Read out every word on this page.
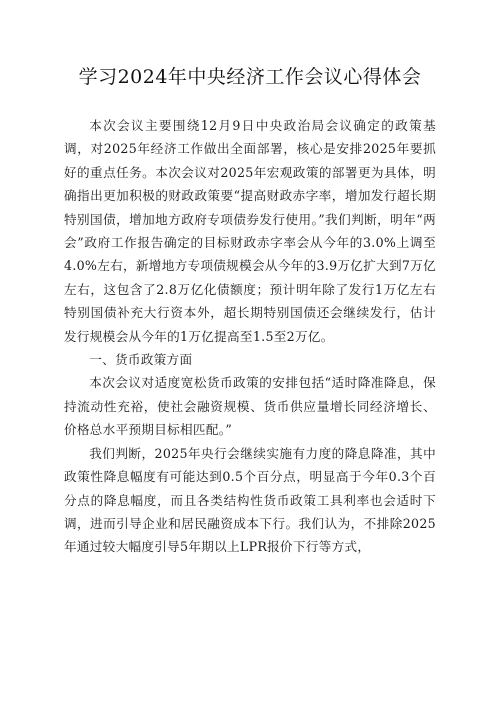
学习2024年中央经济工作会议心得体会

本次会议主要围绕12月9日中央政治局会议确定的政策基调，对2025年经济工作做出全面部署，核心是安排2025年要抓好的重点任务。本次会议对2025年宏观政策的部署更为具体，明确指出更加积极的财政政策要“提高财政赤字率，增加发行超长期特别国债，增加地方政府专项债券发行使用。”我们判断，明年“两会”政府工作报告确定的目标财政赤字率会从今年的3.0%上调至4.0%左右，新增地方专项债规模会从今年的3.9万亿扩大到7万亿左右，这包含了2.8万亿化债额度；预计明年除了发行1万亿左右特别国债补充大行资本外，超长期特别国债还会继续发行，估计发行规模会从今年的1万亿提高至1.5至2万亿。

一、货币政策方面

本次会议对适度宽松货币政策的安排包括“适时降准降息，保持流动性充裕，使社会融资规模、货币供应量增长同经济增长、价格总水平预期目标相匹配。”

我们判断，2025年央行会继续实施有力度的降息降准，其中政策性降息幅度有可能达到0.5个百分点，明显高于今年0.3个百分点的降息幅度，而且各类结构性货币政策工具利率也会适时下调，进而引导企业和居民融资成本下行。我们认为，不排除2025年通过较大幅度引导5年期以上LPR报价下行等方式，
